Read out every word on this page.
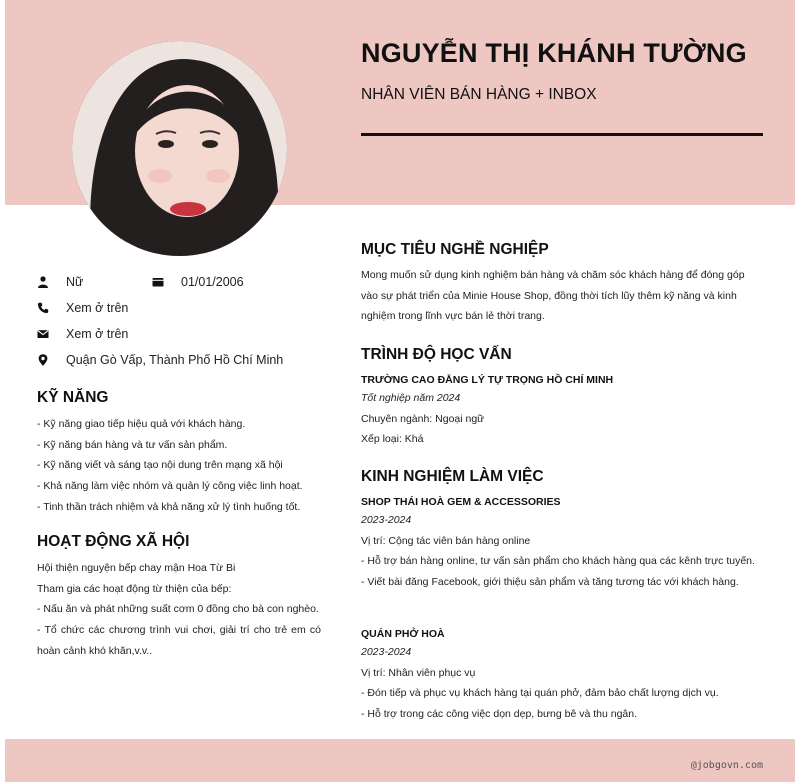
NGUYỄN THỊ KHÁNH TƯỜNG
NHÂN VIÊN BÁN HÀNG + INBOX
Nữ	01/01/2006
Xem ở trên
Xem ở trên
Quận Gò Vấp, Thành Phố Hồ Chí Minh
KỸ NĂNG

- Kỹ năng giao tiếp hiệu quả với khách hàng.

- Kỹ năng bán hàng và tư vấn sản phẩm.

- Kỹ năng viết và sáng tạo nội dung trên mạng xã hội

- Khả năng làm việc nhóm và quản lý công việc linh hoạt.

- Tinh thần trách nhiệm và khả năng xử lý tình huống tốt.

HOẠT ĐỘNG XÃ HỘI

Hội thiện nguyện bếp chay mận Hoa Từ Bi

Tham gia các hoạt động từ thiện của bếp:

- Nấu ăn và phát những suất cơm 0 đồng cho bà con nghèo.

- Tổ chức các chương trình vui chơi, giải trí cho trẻ em có hoàn cảnh khó khăn,v.v..

MỤC TIÊU NGHỀ NGHIỆP

Mong muốn sử dụng kinh nghiệm bán hàng và chăm sóc khách hàng để đóng góp vào sự phát triển của Minie House Shop, đồng thời tích lũy thêm kỹ năng và kinh nghiệm trong lĩnh vực bán lẻ thời trang.

TRÌNH ĐỘ HỌC VẤN
TRƯỜNG CAO ĐẲNG LÝ TỰ TRỌNG HỒ CHÍ MINH

Tốt nghiệp năm 2024

Chuyên ngành: Ngoại ngữ

Xếp loại: Khá

KINH NGHIỆM LÀM VIỆC
SHOP THÁI HOÀ GEM & ACCESSORIES

2023-2024

Vị trí: Cộng tác viên bán hàng online

- Hỗ trợ bán hàng online, tư vấn sản phẩm cho khách hàng qua các kênh trực tuyến.

- Viết bài đăng Facebook, giới thiệu sản phẩm và tăng tương tác với khách hàng.

QUÁN PHỞ HOÀ

2023-2024

Vị trí: Nhân viên phục vụ

- Đón tiếp và phục vụ khách hàng tại quán phở, đảm bảo chất lượng dịch vụ.

- Hỗ trợ trong các công việc dọn dẹp, bưng bê và thu ngân.

@jobgovn.com
